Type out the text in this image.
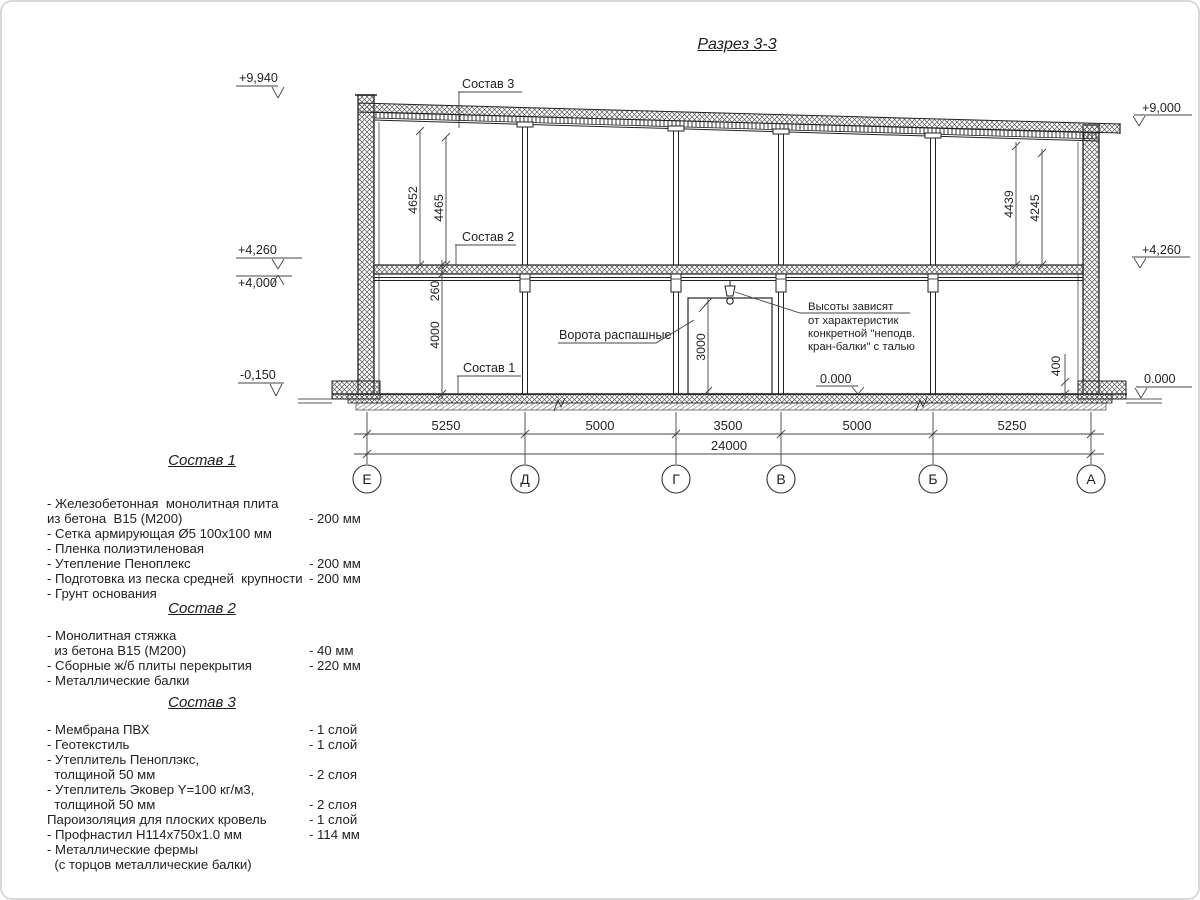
Разрез 3-3
4652 4465	4439 4245
260
4000	3000
400
5250	5000	3500	5000	5250
24000
Е	Д	Г	В	Б	А
+9,940
+4,260
+4,000
-0,150
+9,000
+4,260
0.000
0.000
Состав 3
Состав 2
Состав 1
Ворота распашные
Высоты зависят
от характеристик
конкретной "неподв.
кран-балки" с талью
Состав 1
- Железобетонная  монолитная плита
из бетона  В15 (М200)	- 200 мм
- Сетка армирующая Ø5 100х100 мм
- Пленка полиэтиленовая
- Утепление Пеноплекс	- 200 мм
- Подготовка из песка средней  крупности - 200 мм
- Грунт основания
Состав 2
- Монолитная стяжка
из бетона В15 (М200)	- 40 мм
- Сборные ж/б плиты перекрытия	- 220 мм
- Металлические балки
Состав 3
- Мембрана ПВХ	- 1 слой
- Геотекстиль	- 1 слой
- Утеплитель Пеноплэкс,
толщиной 50 мм	- 2 слоя
- Утеплитель Эковер Y=100 кг/м3,
толщиной 50 мм	- 2 слоя
Пароизоляция для плоских кровель	- 1 слой
- Профнастил Н114х750х1.0 мм	- 114 мм
- Металлические фермы
(с торцов металлические балки)
